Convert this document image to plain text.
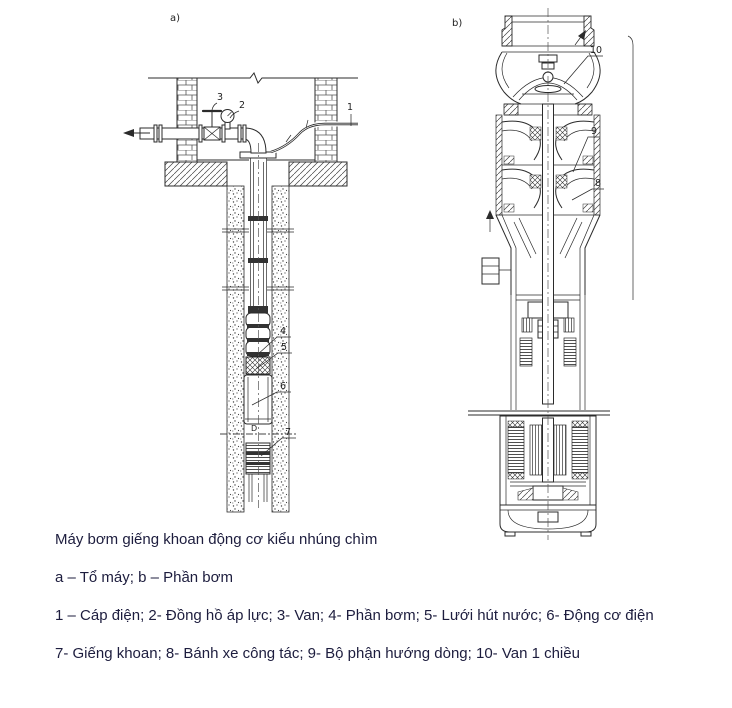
a)
D
1
2
3
4
5
6
7
b)
10
9
8

Máy bơm giếng khoan động cơ kiểu nhúng chìm

a – Tổ máy; b – Phần bơm

1 – Cáp điện; 2- Đồng hồ áp lực; 3- Van; 4- Phần bơm; 5- Lưới hút nước; 6- Động cơ điện

7- Giếng khoan; 8- Bánh xe công tác; 9- Bộ phận hướng dòng; 10- Van 1 chiều
